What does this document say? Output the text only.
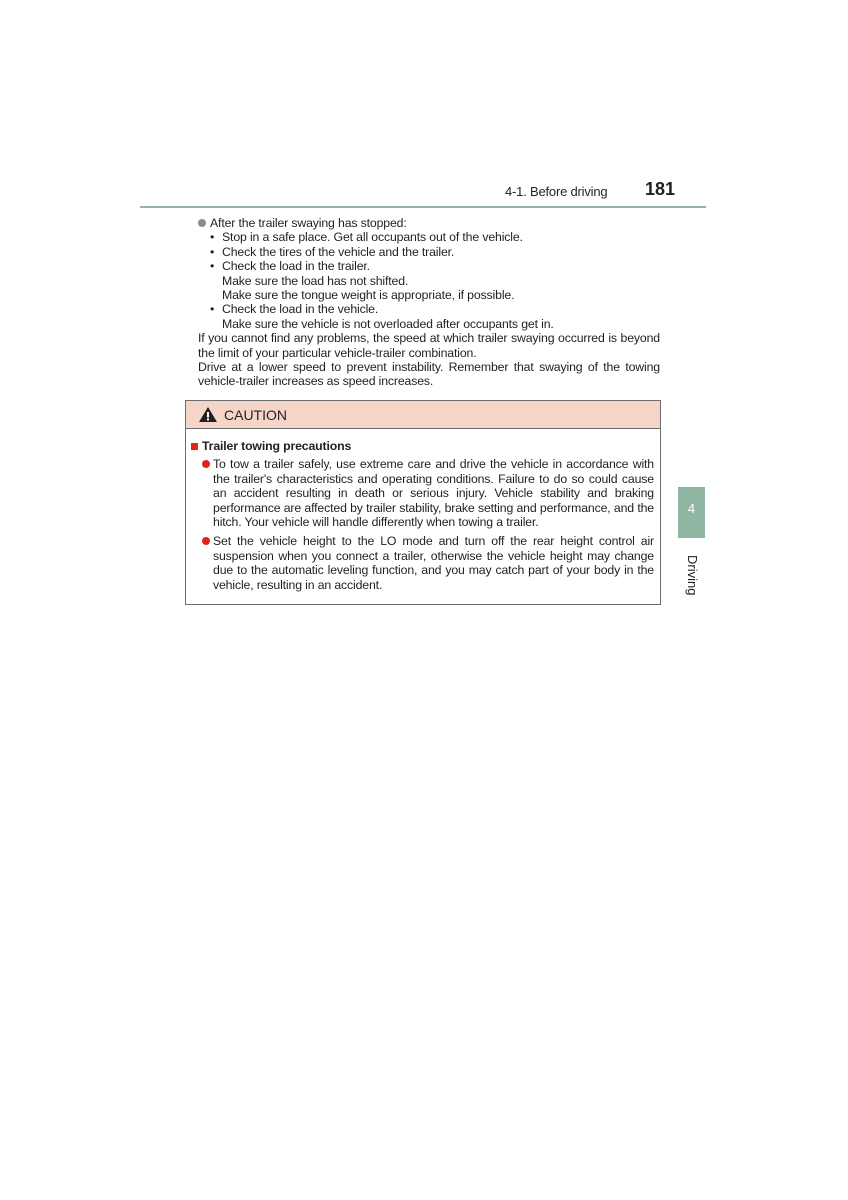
4-1. Before driving 181
After the trailer swaying has stopped:
• Stop in a safe place. Get all occupants out of the vehicle.
• Check the tires of the vehicle and the trailer.
• Check the load in the trailer.
Make sure the load has not shifted.
Make sure the tongue weight is appropriate, if possible.
• Check the load in the vehicle.
Make sure the vehicle is not overloaded after occupants get in.
If you cannot find any problems, the speed at which trailer swaying occurred is beyond the limit of your particular vehicle-trailer combination.
Drive at a lower speed to prevent instability. Remember that swaying of the towing vehicle-trailer increases as speed increases.
CAUTION
Trailer towing precautions
To tow a trailer safely, use extreme care and drive the vehicle in accordance with the trailer's characteristics and operating conditions. Failure to do so could cause an accident resulting in death or serious injury. Vehicle stability and braking performance are affected by trailer stability, brake setting and performance, and the hitch. Your vehicle will handle differently when towing a trailer.
Set the vehicle height to the LO mode and turn off the rear height control air suspension when you connect a trailer, otherwise the vehicle height may change due to the automatic leveling function, and you may catch part of your body in the vehicle, resulting in an accident.
4
Driving
